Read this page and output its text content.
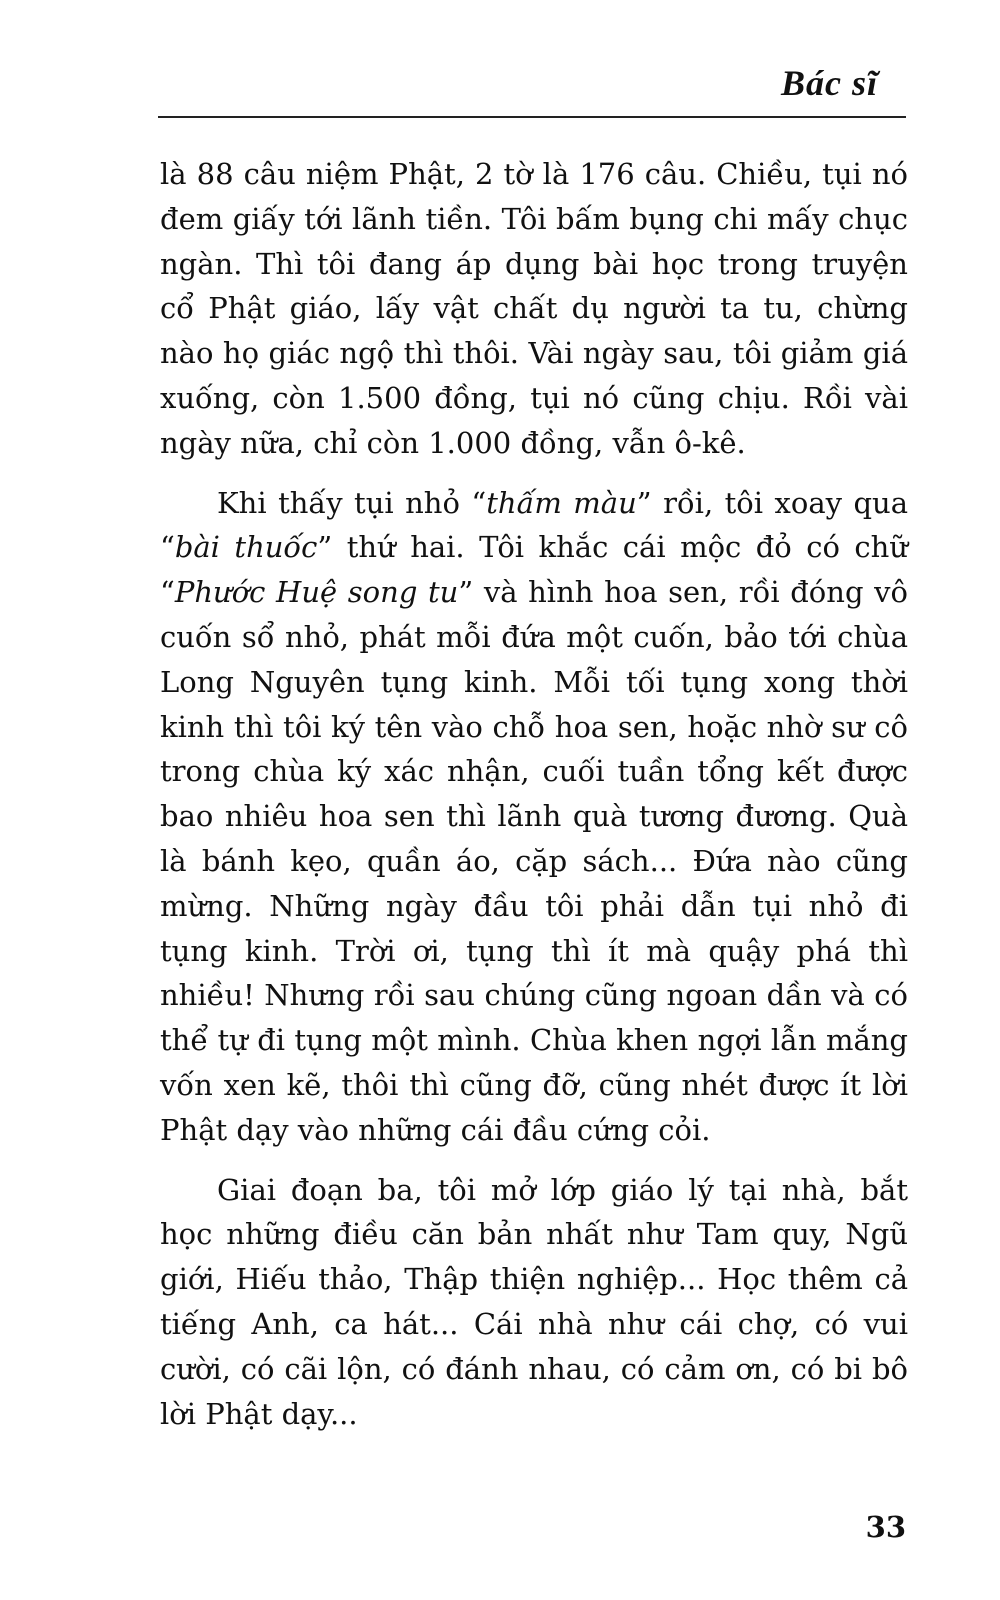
Bác sĩ

là 88 câu niệm Phật, 2 tờ là 176 câu. Chiều, tụi nó đem giấy tới lãnh tiền. Tôi bấm bụng chi mấy chục ngàn. Thì tôi đang áp dụng bài học trong truyện cổ Phật giáo, lấy vật chất dụ người ta tu, chừng nào họ giác ngộ thì thôi. Vài ngày sau, tôi giảm giá xuống, còn 1.500 đồng, tụi nó cũng chịu. Rồi vài ngày nữa, chỉ còn 1.000 đồng, vẫn ô-kê.

Khi thấy tụi nhỏ “thấm màu” rồi, tôi xoay qua “bài thuốc” thứ hai. Tôi khắc cái mộc đỏ có chữ “Phước Huệ song tu” và hình hoa sen, rồi đóng vô cuốn sổ nhỏ, phát mỗi đứa một cuốn, bảo tới chùa Long Nguyên tụng kinh. Mỗi tối tụng xong thời kinh thì tôi ký tên vào chỗ hoa sen, hoặc nhờ sư cô trong chùa ký xác nhận, cuối tuần tổng kết được bao nhiêu hoa sen thì lãnh quà tương đương. Quà là bánh kẹo, quần áo, cặp sách... Đứa nào cũng mừng. Những ngày đầu tôi phải dẫn tụi nhỏ đi tụng kinh. Trời ơi, tụng thì ít mà quậy phá thì nhiều! Nhưng rồi sau chúng cũng ngoan dần và có thể tự đi tụng một mình. Chùa khen ngợi lẫn mắng vốn xen kẽ, thôi thì cũng đỡ, cũng nhét được ít lời Phật dạy vào những cái đầu cứng cỏi.

Giai đoạn ba, tôi mở lớp giáo lý tại nhà, bắt học những điều căn bản nhất như Tam quy, Ngũ giới, Hiếu thảo, Thập thiện nghiệp... Học thêm cả tiếng Anh, ca hát... Cái nhà như cái chợ, có vui cười, có cãi lộn, có đánh nhau, có cảm ơn, có bi bô lời Phật dạy...

33
